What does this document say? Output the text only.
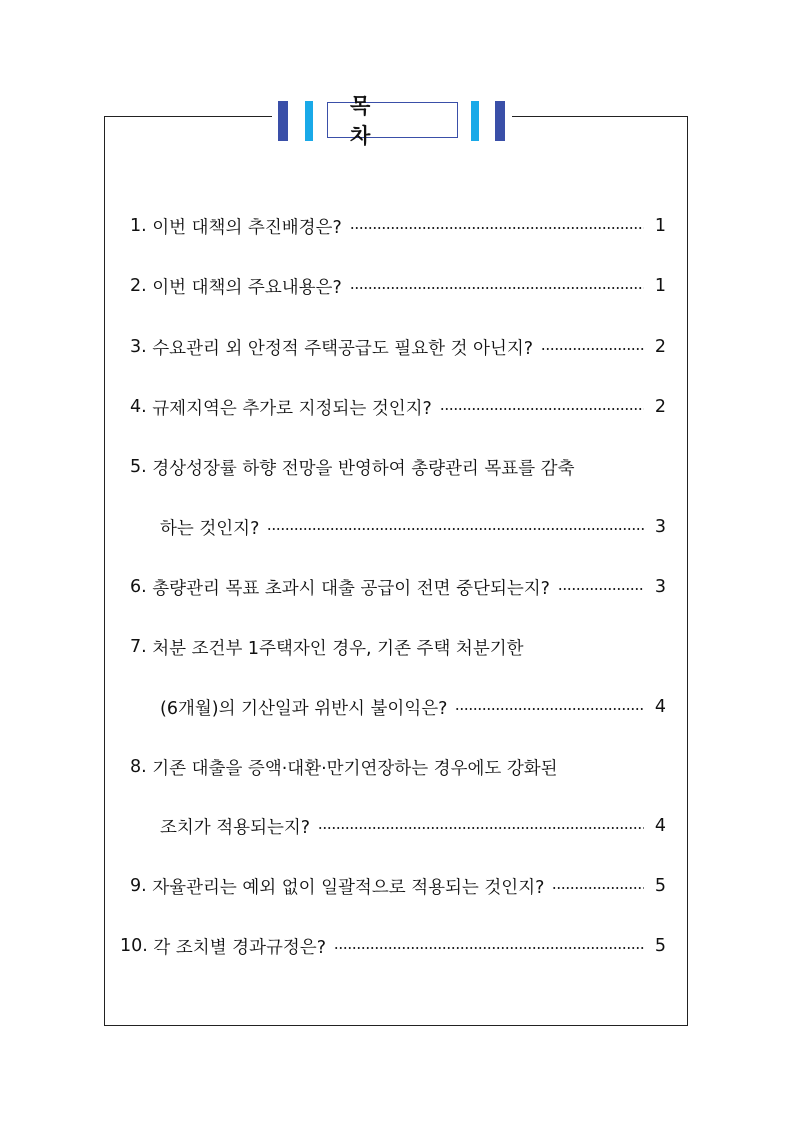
목 차
1.
이번 대책의 추진배경은?	1
2.
이번 대책의 주요내용은?	1
3.
수요관리 외 안정적 주택공급도 필요한 것 아닌지?	2
4.
규제지역은 추가로 지정되는 것인지?	2
5.
경상성장률 하향 전망을 반영하여 총량관리 목표를 감축
하는 것인지?	3
6.
총량관리 목표 초과시 대출 공급이 전면 중단되는지?	3
7.
처분 조건부 1주택자인 경우, 기존 주택 처분기한
(6개월)의 기산일과 위반시 불이익은?	4
8.
기존 대출을 증액·대환·만기연장하는 경우에도 강화된
조치가 적용되는지?	4
9.
자율관리는 예외 없이 일괄적으로 적용되는 것인지?	5
10.
각 조치별 경과규정은?	5
